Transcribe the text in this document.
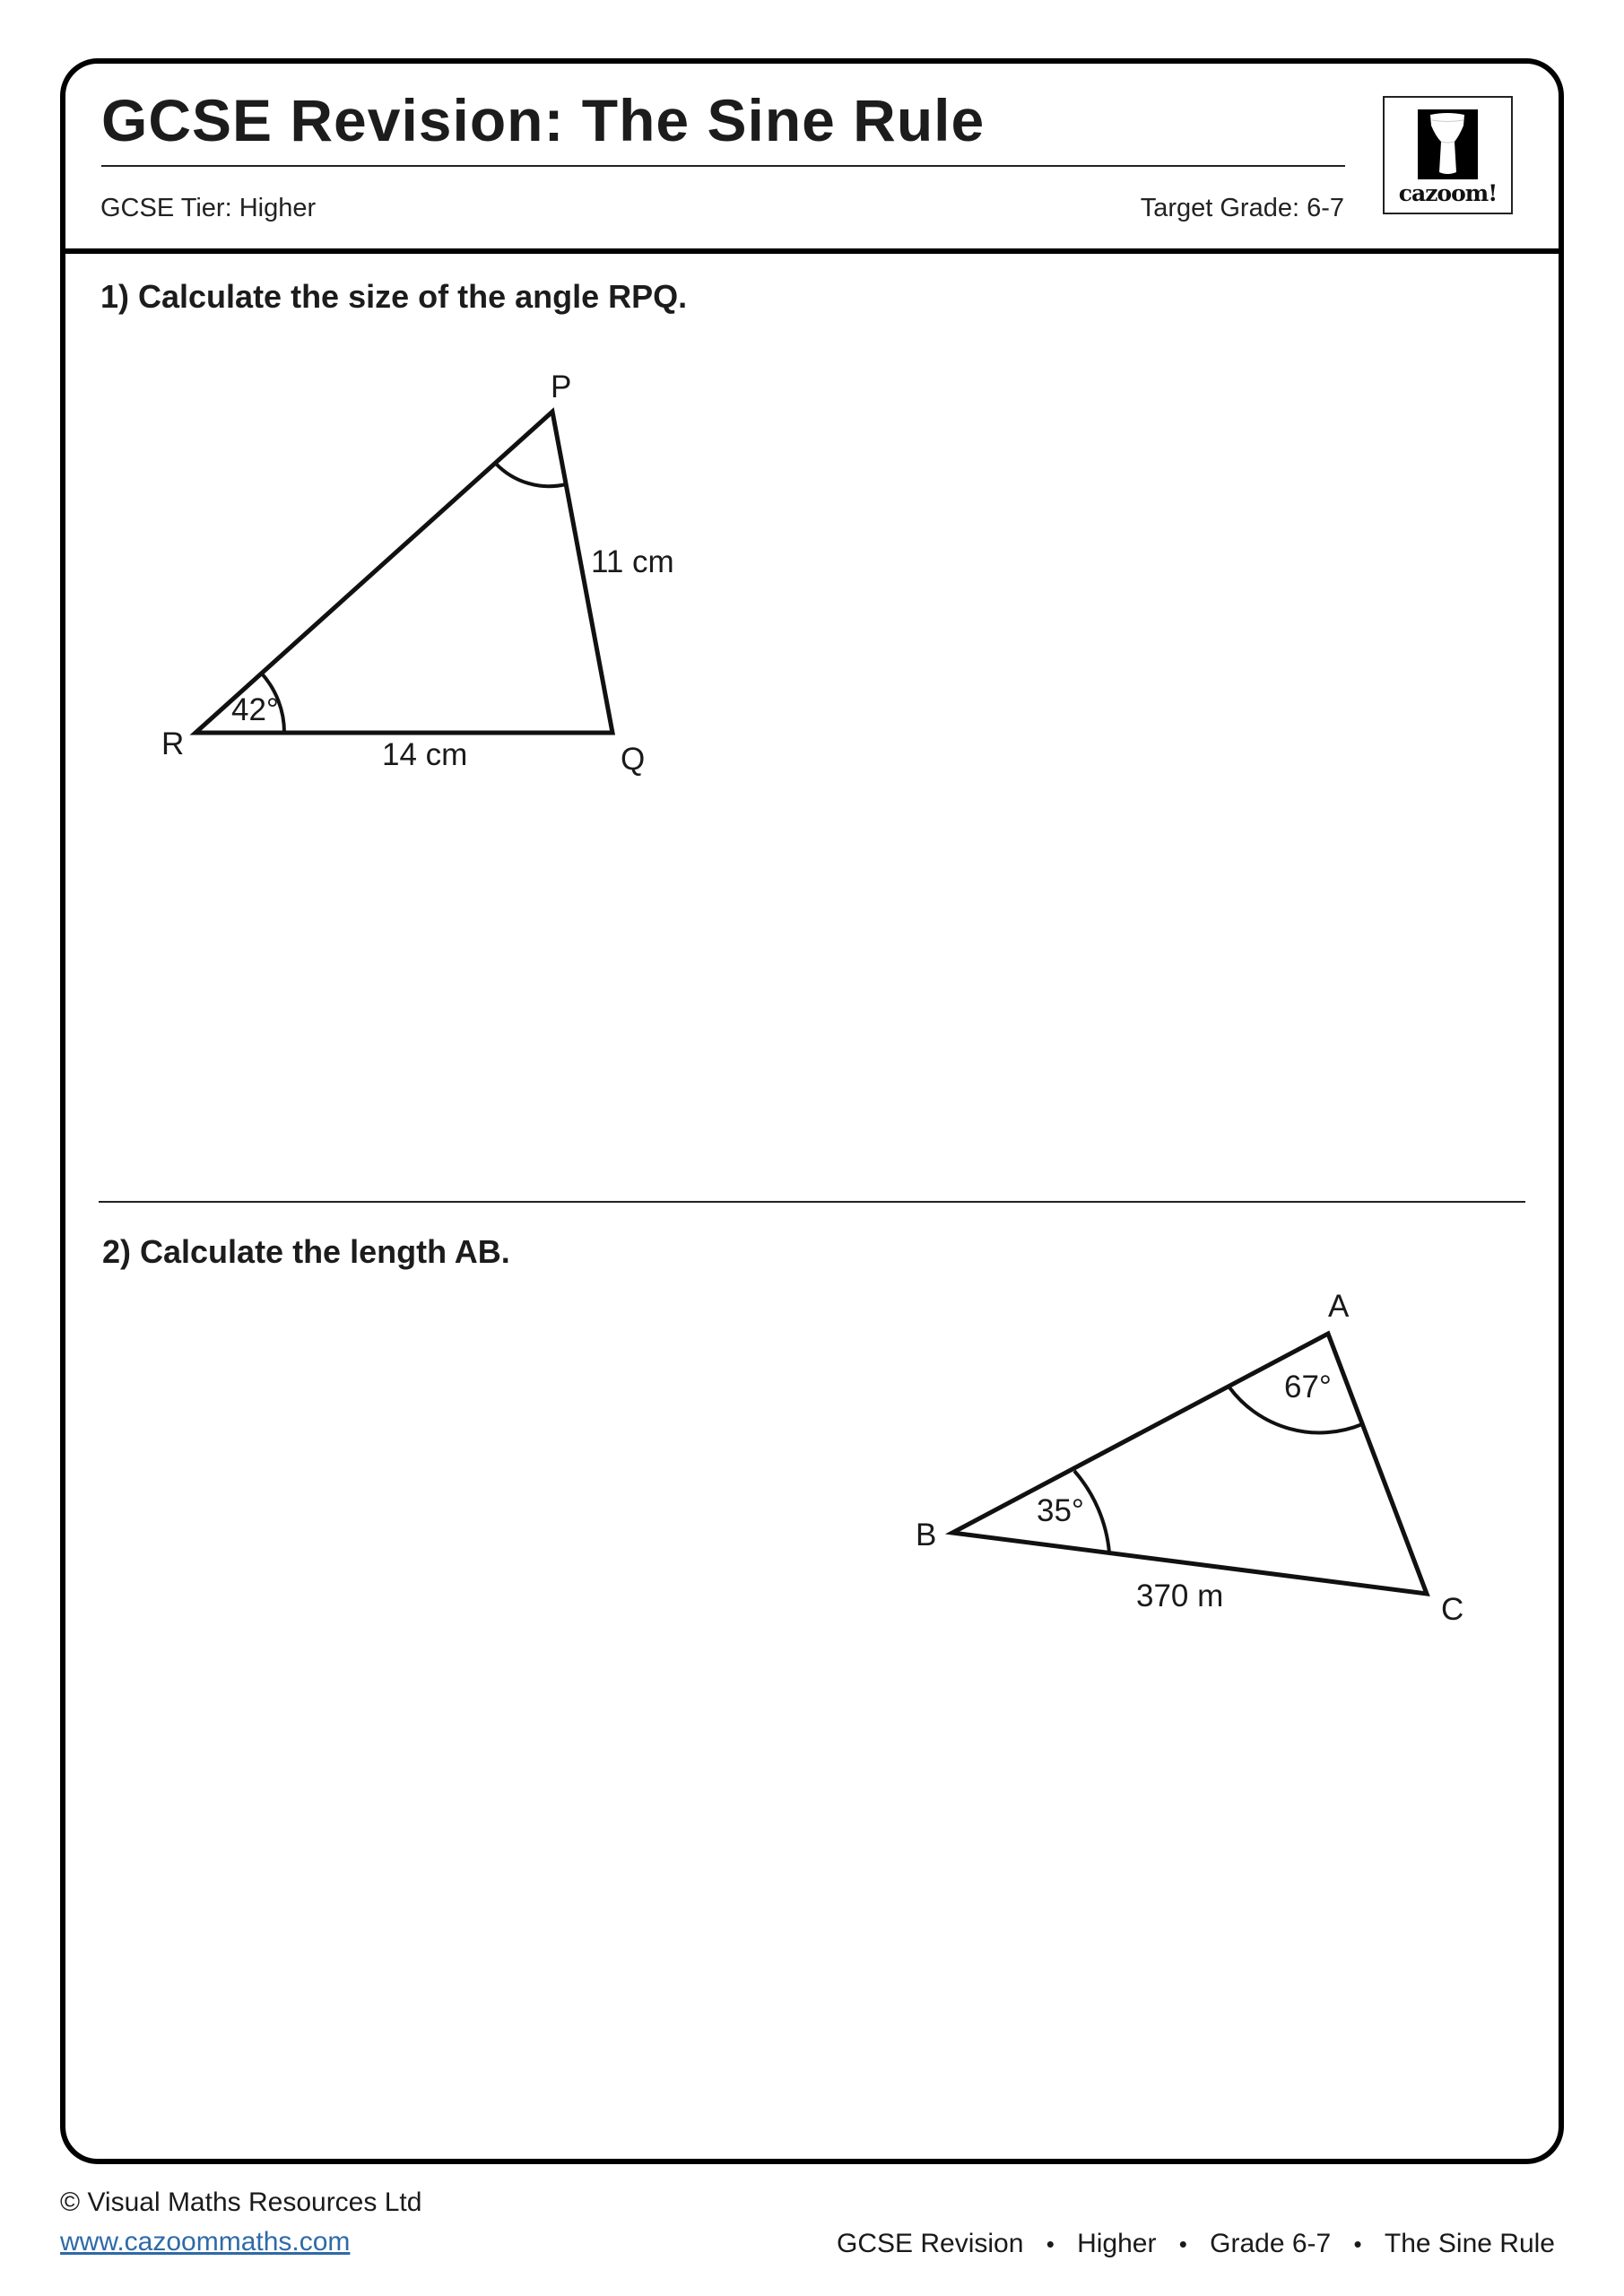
GCSE Revision: The Sine Rule
GCSE Tier: Higher	Target Grade: 6-7
cazoom!
1) Calculate the size of the angle RPQ.
P
R	Q
42°
11 cm
14 cm
2) Calculate the length AB.
A
B
C
67°
35°
370 m
© Visual Maths Resources Ltd
www.cazoommaths.com	GCSE Revision • Higher • Grade 6-7 • The Sine Rule
